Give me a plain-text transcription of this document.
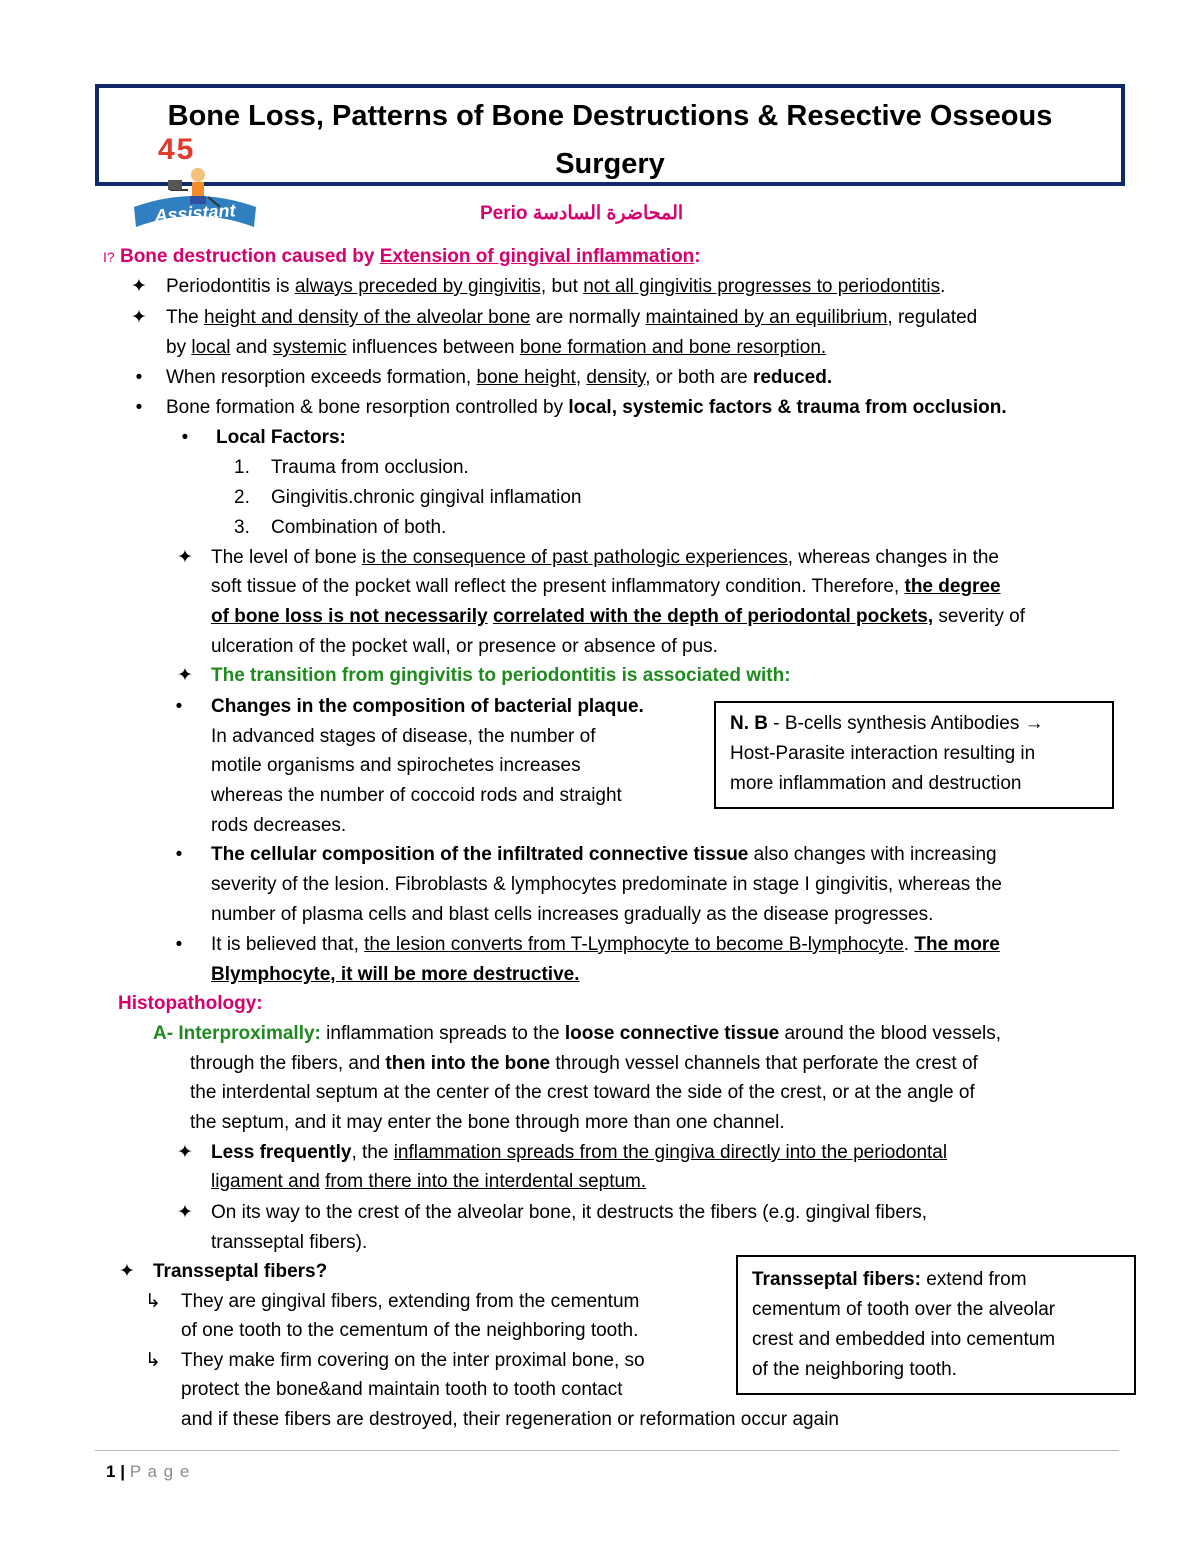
Bone Loss, Patterns of Bone Destructions & Resective Osseous
Surgery
45
Assistant	Perio المحاضرة السادسة
I? Bone destruction caused by Extension of gingival inflammation:
✦ Periodontitis is always preceded by gingivitis, but not all gingivitis progresses to periodontitis.
✦ The height and density of the alveolar bone are normally maintained by an equilibrium, regulated
by local and systemic influences between bone formation and bone resorption.
•	When resorption exceeds formation, bone height, density, or both are reduced.
•	Bone formation & bone resorption controlled by local, systemic factors & trauma from occlusion.
•	Local Factors:
1. Trauma from occlusion.
2. Gingivitis.chronic gingival inflamation
3. Combination of both.
✦ The level of bone is the consequence of past pathologic experiences, whereas changes in the
soft tissue of the pocket wall reflect the present inflammatory condition. Therefore, the degree
of bone loss is not necessarily correlated with the depth of periodontal pockets, severity of
ulceration of the pocket wall, or presence or absence of pus.
✦ The transition from gingivitis to periodontitis is associated with:
•	Changes in the composition of bacterial plaque.
In advanced stages of disease, the number of
motile organisms and spirochetes increases
whereas the number of coccoid rods and straight
rods decreases.
N. B - B-cells synthesis Antibodies →
Host-Parasite interaction resulting in
more inflammation and destruction
•	The cellular composition of the infiltrated connective tissue also changes with increasing
severity of the lesion. Fibroblasts & lymphocytes predominate in stage I gingivitis, whereas the
number of plasma cells and blast cells increases gradually as the disease progresses.
•	It is believed that, the lesion converts from T-Lymphocyte to become B-lymphocyte. The more
Blymphocyte, it will be more destructive.
Histopathology:
A- Interproximally: inflammation spreads to the loose connective tissue around the blood vessels,
through the fibers, and then into the bone through vessel channels that perforate the crest of
the interdental septum at the center of the crest toward the side of the crest, or at the angle of
the septum, and it may enter the bone through more than one channel.
✦ Less frequently, the inflammation spreads from the gingiva directly into the periodontal
ligament and from there into the interdental septum.
✦ On its way to the crest of the alveolar bone, it destructs the fibers (e.g. gingival fibers,
transseptal fibers).
✦ Transseptal fibers?
↳ They are gingival fibers, extending from the cementum
of one tooth to the cementum of the neighboring tooth.
↳ They make firm covering on the inter proximal bone, so
protect the bone&and maintain tooth to tooth contact
and if these fibers are destroyed, their regeneration or reformation occur again
Transseptal fibers: extend from
cementum of tooth over the alveolar
crest and embedded into cementum
of the neighboring tooth.
1 | P a g e
